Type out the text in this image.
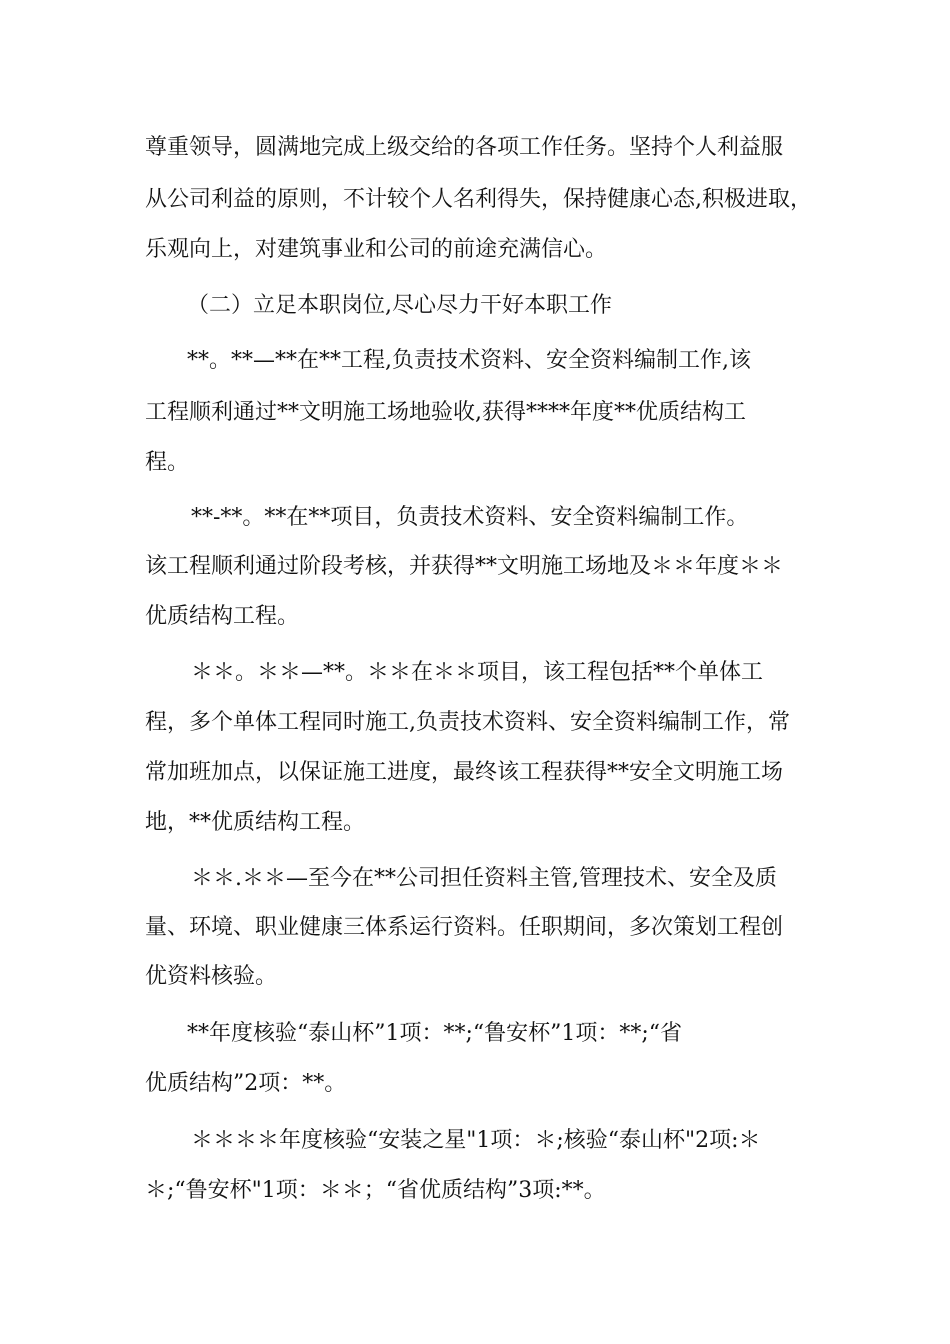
尊重领导，圆满地完成上级交给的各项工作任务。坚持个人利益服
从公司利益的原则，不计较个人名利得失，保持健康心态,积极进取，
乐观向上，对建筑事业和公司的前途充满信心。
（二）立足本职岗位,尽心尽力干好本职工作
**。**—**在**工程,负责技术资料、安全资料编制工作,该
工程顺利通过**文明施工场地验收,获得****年度**优质结构工
程。
**-**。**在**项目，负责技术资料、安全资料编制工作。
该工程顺利通过阶段考核，并获得**文明施工场地及＊＊年度＊＊
优质结构工程。
＊＊。＊＊—**。＊＊在＊＊项目，该工程包括**个单体工
程，多个单体工程同时施工,负责技术资料、安全资料编制工作，常
常加班加点，以保证施工进度，最终该工程获得**安全文明施工场
地，**优质结构工程。
＊＊.＊＊—至今在**公司担任资料主管,管理技术、安全及质
量、环境、职业健康三体系运行资料。任职期间，多次策划工程创
优资料核验。
**年度核验“泰山杯”1项：**;“鲁安杯”1项：**;“省
优质结构”2项：**。
＊＊＊＊年度核验“安装之星"1项：＊;核验“泰山杯"2项:＊
＊;“鲁安杯"1项：＊＊；“省优质结构”3项:**。
